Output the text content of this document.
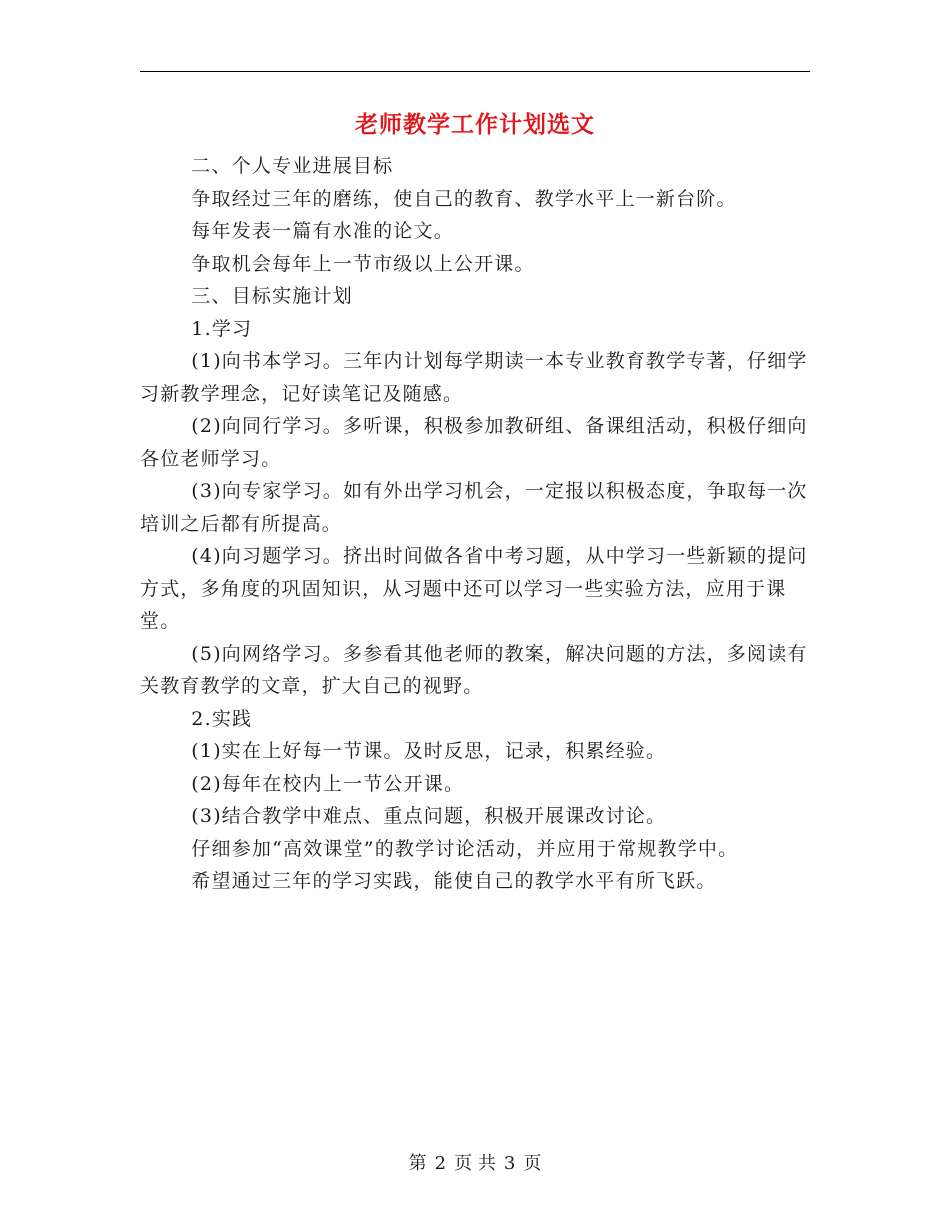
老师教学工作计划选文

二、个人专业进展目标

争取经过三年的磨练，使自己的教育、教学水平上一新台阶。

每年发表一篇有水准的论文。

争取机会每年上一节市级以上公开课。

三、目标实施计划

1.学习

(1)向书本学习。三年内计划每学期读一本专业教育教学专著，仔细学习新教学理念，记好读笔记及随感。

(2)向同行学习。多听课，积极参加教研组、备课组活动，积极仔细向各位老师学习。

(3)向专家学习。如有外出学习机会，一定报以积极态度，争取每一次培训之后都有所提高。

(4)向习题学习。挤出时间做各省中考习题，从中学习一些新颖的提问方式，多角度的巩固知识，从习题中还可以学习一些实验方法，应用于课堂。

(5)向网络学习。多参看其他老师的教案，解决问题的方法，多阅读有关教育教学的文章，扩大自己的视野。

2.实践

(1)实在上好每一节课。及时反思，记录，积累经验。

(2)每年在校内上一节公开课。

(3)结合教学中难点、重点问题，积极开展课改讨论。

仔细参加“高效课堂”的教学讨论活动，并应用于常规教学中。

希望通过三年的学习实践，能使自己的教学水平有所飞跃。

第 2 页 共 3 页
